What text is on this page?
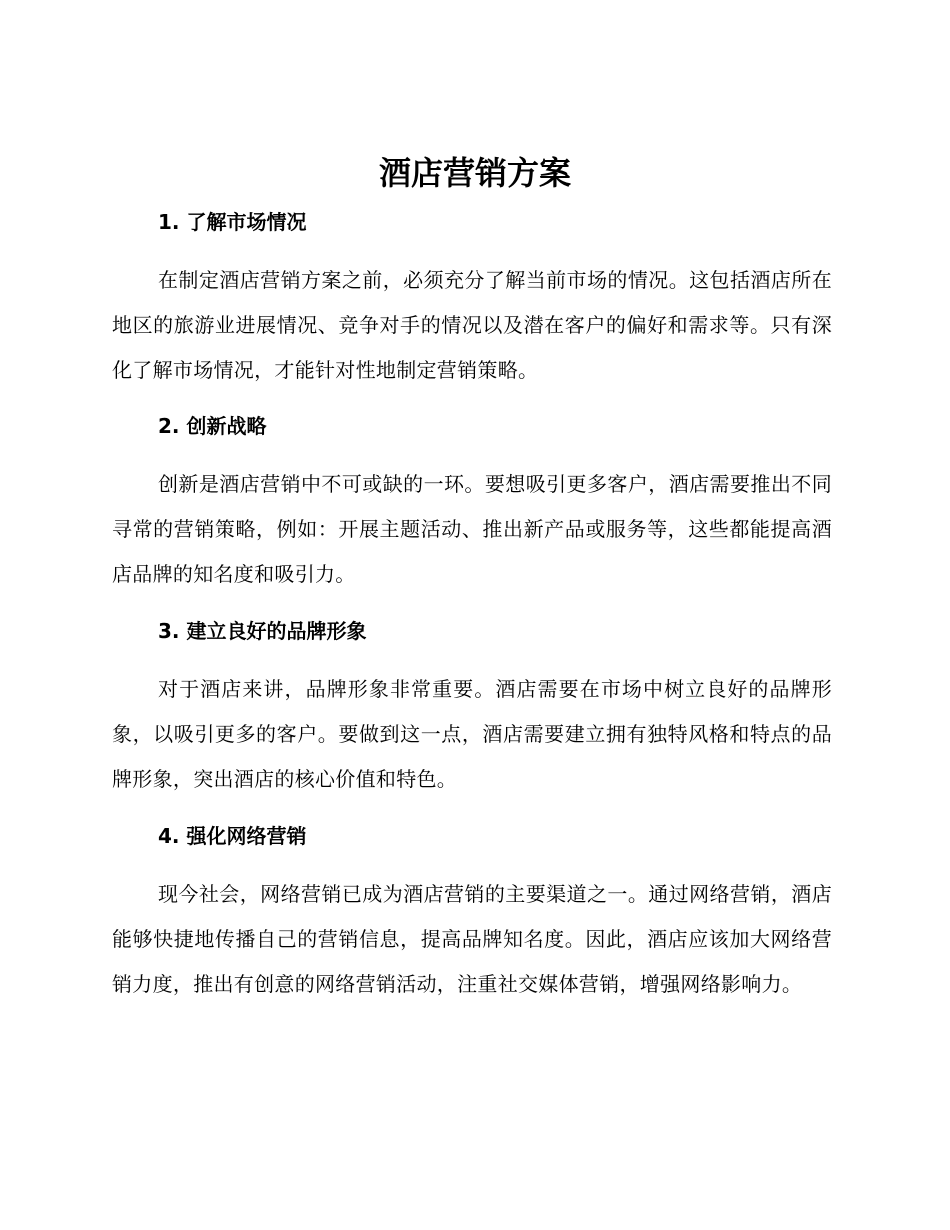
酒店营销方案
1. 了解市场情况

在制定酒店营销方案之前，必须充分了解当前市场的情况。这包括酒店所在地区的旅游业进展情况、竞争对手的情况以及潜在客户的偏好和需求等。只有深化了解市场情况，才能针对性地制定营销策略。

2. 创新战略

创新是酒店营销中不可或缺的一环。要想吸引更多客户，酒店需要推出不同寻常的营销策略，例如：开展主题活动、推出新产品或服务等，这些都能提高酒店品牌的知名度和吸引力。

3. 建立良好的品牌形象

对于酒店来讲，品牌形象非常重要。酒店需要在市场中树立良好的品牌形象，以吸引更多的客户。要做到这一点，酒店需要建立拥有独特风格和特点的品牌形象，突出酒店的核心价值和特色。

4. 强化网络营销

现今社会，网络营销已成为酒店营销的主要渠道之一。通过网络营销，酒店能够快捷地传播自己的营销信息，提高品牌知名度。因此，酒店应该加大网络营销力度，推出有创意的网络营销活动，注重社交媒体营销，增强网络影响力。
